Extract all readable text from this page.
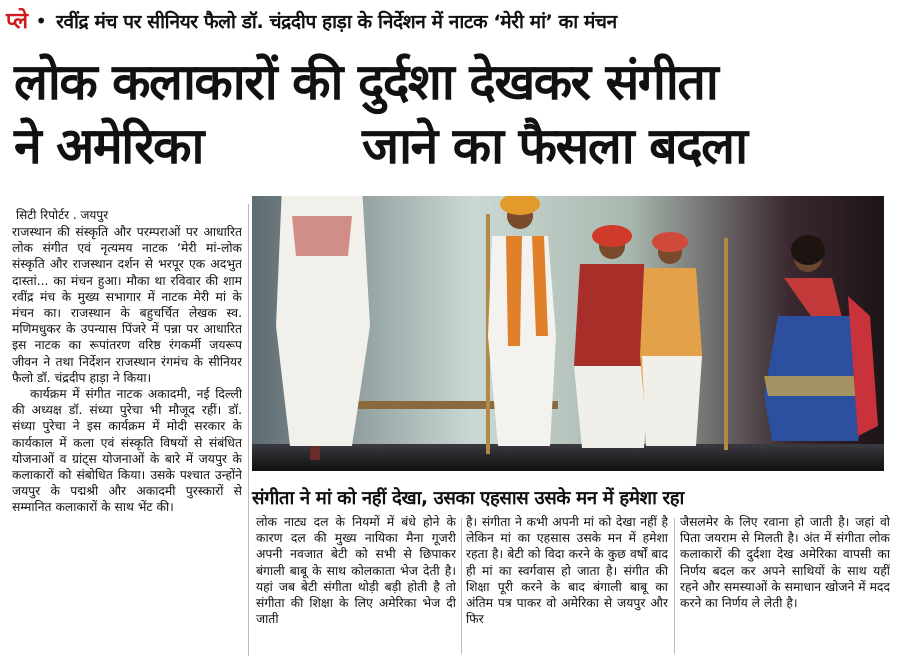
प्ले • रवींद्र मंच पर सीनियर फैलो डॉ. चंद्रदीप हाड़ा के निर्देशन में नाटक ‘मेरी मां’ का मंचन
लोक कलाकारों की दुर्दशा देखकर संगीता
ने अमेरिका	जाने का फैसला बदला
सिटी रिपोर्टर . जयपुर

राजस्थान की संस्कृति और परम्पराओं पर आधारित लोक संगीत एवं नृत्यमय नाटक ‘मेरी मां-लोक संस्कृति और राजस्थान दर्शन से भरपूर एक अदभुत दास्तां... का मंचन हुआ। मौका था रविवार की शाम रवींद्र मंच के मुख्य सभागार में नाटक मेरी मां के मंचन का। राजस्थान के बहुचर्चित लेखक स्व. मणिमधुकर के उपन्यास पिंजरे में पन्ना पर आधारित इस नाटक का रूपांतरण वरिष्ठ रंगकर्मी जयरूप जीवन ने तथा निर्देशन राजस्थान रंगमंच के सीनियर फैलो डॉ. चंद्रदीप हाड़ा ने किया।

कार्यक्रम में संगीत नाटक अकादमी, नई दिल्ली की अध्यक्ष डॉ. संध्या पुरेचा भी मौजूद रहीं। डॉ. संध्या पुरेचा ने इस कार्यक्रम में मोदी सरकार के कार्यकाल में कला एवं संस्कृति विषयों से संबंधित योजनाओं व ग्रांट्स योजनाओं के बारे में जयपुर के कलाकारों को संबोधित किया। उसके पश्चात उन्होंने जयपुर के पद्मश्री और अकादमी पुरस्कारों से सम्मानित कलाकारों के साथ भेंट की।	संगीता ने मां को नहीं देखा, उसका एहसास उसके मन में हमेशा रहा

लोक नाट्य दल के नियमों में बंधे होने के कारण दल की मुख्य नायिका मैना गूजरी अपनी नवजात बेटी को सभी से छिपाकर बंगाली बाबू के साथ कोलकाता भेज देती है। यहां जब बेटी संगीता थोड़ी बड़ी होती है तो संगीता की शिक्षा के लिए अमेरिका भेज दी जाती

है। संगीता ने कभी अपनी मां को देखा नहीं है लेकिन मां का एहसास उसके मन में हमेशा रहता है। बेटी को विदा करने के कुछ वर्षों बाद ही मां का स्वर्गवास हो जाता है। संगीत की शिक्षा पूरी करने के बाद बंगाली बाबू का अंतिम पत्र पाकर वो अमेरिका से जयपुर और फिर

जैसलमेर के लिए रवाना हो जाती है। जहां वो पिता जयराम से मिलती है। अंत में संगीता लोक कलाकारों की दुर्दशा देख अमेरिका वापसी का निर्णय बदल कर अपने साथियों के साथ यहीं रहने और समस्याओं के समाधान खोजने में मदद करने का निर्णय ले लेती है।
